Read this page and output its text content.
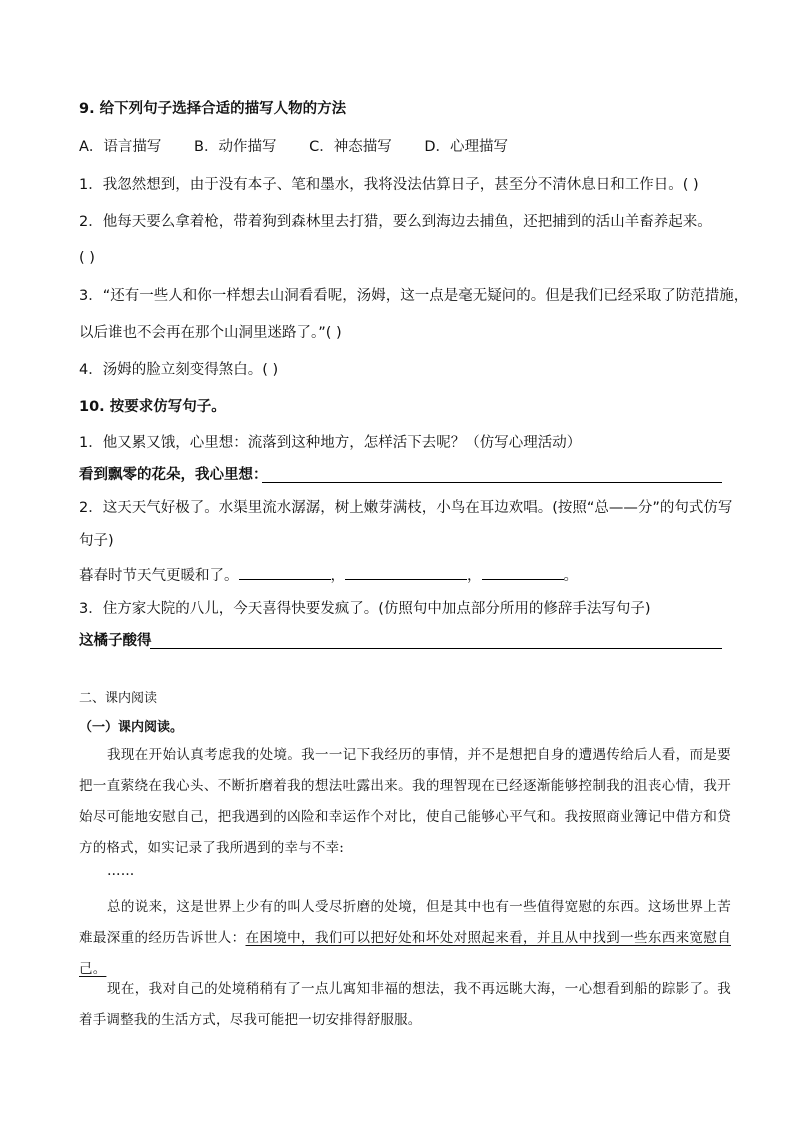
9. 给下列句子选择合适的描写人物的方法
A．语言描写 B．动作描写 C．神态描写 D．心理描写
1．我忽然想到，由于没有本子、笔和墨水，我将没法估算日子，甚至分不清休息日和工作日。( )
2．他每天要么拿着枪，带着狗到森林里去打猎，要么到海边去捕鱼，还把捕到的活山羊畜养起来。
( )
3．“还有一些人和你一样想去山洞看看呢，汤姆，这一点是毫无疑问的。但是我们已经采取了防范措施，
以后谁也不会再在那个山洞里迷路了。”( )
4．汤姆的脸立刻变得煞白。( )
10. 按要求仿写句子。
1．他又累又饿，心里想：流落到这种地方，怎样活下去呢？（仿写心理活动）
看到飘零的花朵，我心里想：
2．这天天气好极了。水渠里流水潺潺，树上嫩芽满枝，小鸟在耳边欢唱。(按照“总——分”的句式仿写
句子)
暮春时节天气更暖和了。	，	，	。
3．住方家大院的八儿，今天喜得快要发疯了。(仿照句中加点部分所用的修辞手法写句子)
这橘子酸得
二、课内阅读
（一）课内阅读。
我现在开始认真考虑我的处境。我一一记下我经历的事情，并不是想把自身的遭遇传给后人看，而是要把一直萦绕在我心头、不断折磨着我的想法吐露出来。我的理智现在已经逐渐能够控制我的沮丧心情，我开始尽可能地安慰自己，把我遇到的凶险和幸运作个对比，使自己能够心平气和。我按照商业簿记中借方和贷方的格式，如实记录了我所遇到的幸与不幸:
……
总的说来，这是世界上少有的叫人受尽折磨的处境，但是其中也有一些值得宽慰的东西。这场世界上苦难最深重的经历告诉世人：在困境中，我们可以把好处和坏处对照起来看，并且从中找到一些东西来宽慰自己。
现在，我对自己的处境稍稍有了一点儿寓知非福的想法，我不再远眺大海，一心想看到船的踪影了。我着手调整我的生活方式，尽我可能把一切安排得舒服服。
